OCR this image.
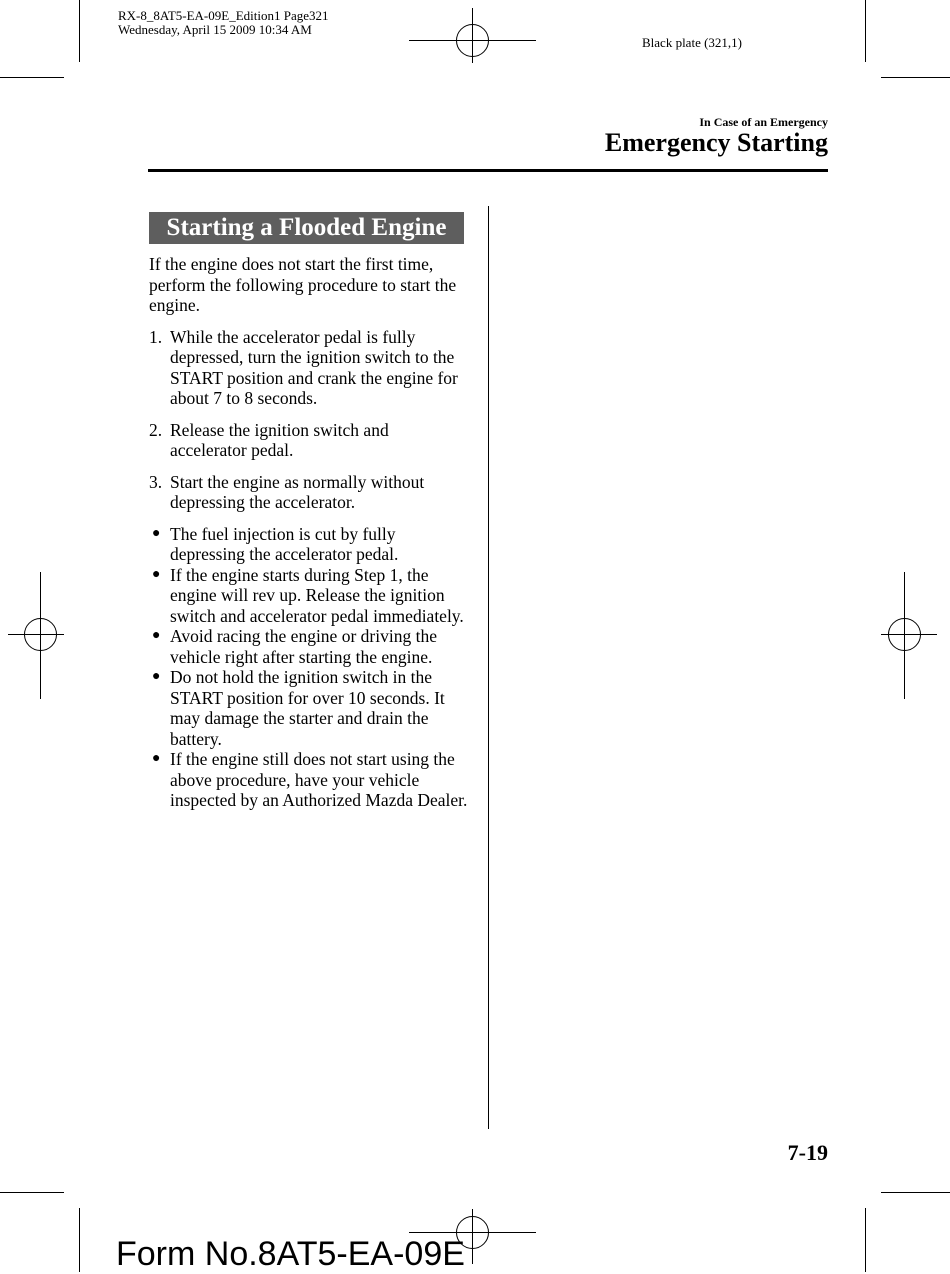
RX-8_8AT5-EA-09E_Edition1 Page321
Wednesday, April 15 2009 10:34 AM
Black plate (321,1)
In Case of an Emergency
Emergency Starting
Starting a Flooded Engine

If the engine does not start the first time, perform the following procedure to start the engine.

1. While the accelerator pedal is fully depressed, turn the ignition switch to the START position and crank the engine for about 7 to 8 seconds.
2. Release the ignition switch and accelerator pedal.
3. Start the engine as normally without depressing the accelerator.
● The fuel injection is cut by fully depressing the accelerator pedal.
● If the engine starts during Step 1, the engine will rev up. Release the ignition switch and accelerator pedal immediately.
● Avoid racing the engine or driving the vehicle right after starting the engine.
● Do not hold the ignition switch in the START position for over 10 seconds. It may damage the starter and drain the battery.
● If the engine still does not start using the above procedure, have your vehicle inspected by an Authorized Mazda Dealer.
7-19
Form No.8AT5-EA-09E
